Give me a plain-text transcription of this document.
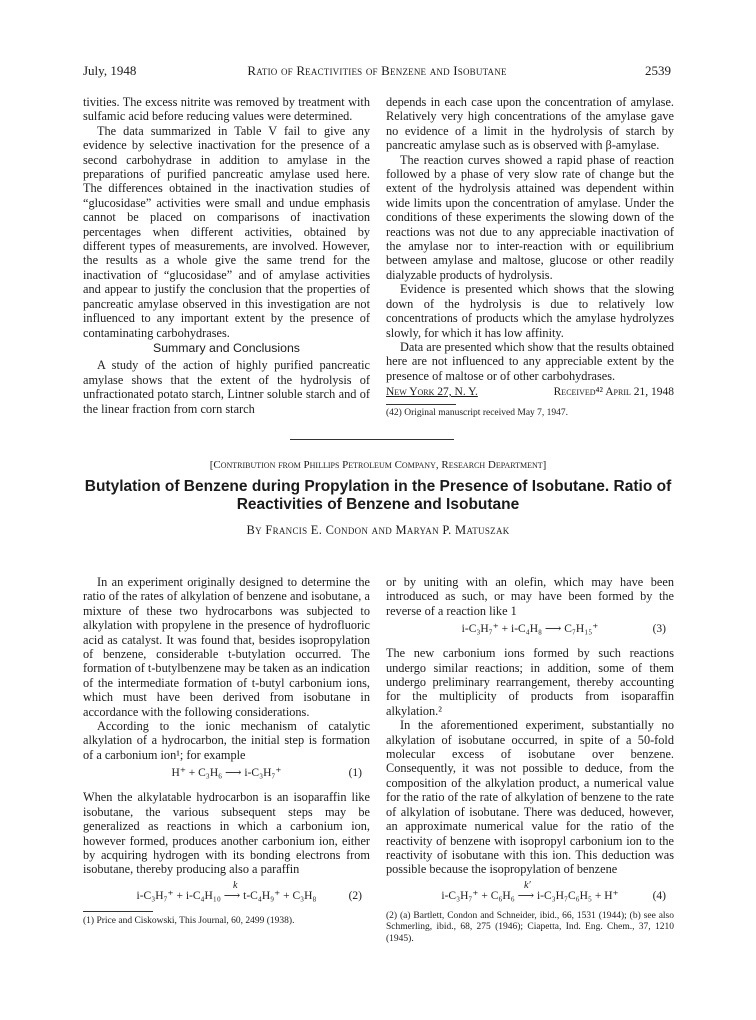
July, 1948	Ratio of Reactivities of Benzene and Isobutane	2539

tivities. The excess nitrite was removed by treatment with sulfamic acid before reducing values were determined.

The data summarized in Table V fail to give any evidence by selective inactivation for the presence of a second carbohydrase in addition to amylase in the preparations of purified pancreatic amylase used here. The differences obtained in the inactivation studies of “glucosidase” activities were small and undue emphasis cannot be placed on comparisons of inactivation percentages when different activities, obtained by different types of measurements, are involved. However, the results as a whole give the same trend for the inactivation of “glucosidase” and of amylase activities and appear to justify the conclusion that the properties of pancreatic amylase observed in this investigation are not influenced to any important extent by the presence of contaminating carbohydrases.

Summary and Conclusions

A study of the action of highly purified pancreatic amylase shows that the extent of the hydrolysis of unfractionated potato starch, Lintner soluble starch and of the linear fraction from corn starch

depends in each case upon the concentration of amylase. Relatively very high concentrations of the amylase gave no evidence of a limit in the hydrolysis of starch by pancreatic amylase such as is observed with β-amylase.

The reaction curves showed a rapid phase of reaction followed by a phase of very slow rate of change but the extent of the hydrolysis attained was dependent within wide limits upon the concentration of amylase. Under the conditions of these experiments the slowing down of the reactions was not due to any appreciable inactivation of the amylase nor to inter-reaction with or equilibrium between amylase and maltose, glucose or other readily dialyzable products of hydrolysis.

Evidence is presented which shows that the slowing down of the hydrolysis is due to relatively low concentrations of products which the amylase hydrolyzes slowly, for which it has low affinity.

Data are presented which show that the results obtained here are not influenced to any appreciable extent by the presence of maltose or of other carbohydrases.

New York 27, N. Y.	Received⁴² April 21, 1948

(42) Original manuscript received May 7, 1947.

[Contribution from Phillips Petroleum Company, Research Department]
Butylation of Benzene during Propylation in the Presence of Isobutane. Ratio of Reactivities of Benzene and Isobutane
By Francis E. Condon and Maryan P. Matuszak

In an experiment originally designed to determine the ratio of the rates of alkylation of benzene and isobutane, a mixture of these two hydrocarbons was subjected to alkylation with propylene in the presence of hydrofluoric acid as catalyst. It was found that, besides isopropylation of benzene, considerable t-butylation occurred. The formation of t-butylbenzene may be taken as an indication of the intermediate formation of t-butyl carbonium ions, which must have been derived from isobutane in accordance with the following considerations.

According to the ionic mechanism of catalytic alkylation of a hydrocarbon, the initial step is formation of a carbonium ion¹; for example

H⁺ + C₃H₆ ⟶ i-C₃H₇⁺	(1)

When the alkylatable hydrocarbon is an isoparaffin like isobutane, the various subsequent steps may be generalized as reactions in which a carbonium ion, however formed, produces another carbonium ion, either by acquiring hydrogen with its bonding electrons from isobutane, thereby producing also a paraffin

k
i-C₃H₇⁺ + i-C₄H₁₀ ⟶ t-C₄H₉⁺ + C₃H₈	(2)

(1) Price and Ciskowski, This Journal, 60, 2499 (1938).

or by uniting with an olefin, which may have been introduced as such, or may have been formed by the reverse of a reaction like 1

i-C₃H₇⁺ + i-C₄H₈ ⟶ C₇H₁₅⁺	(3)

The new carbonium ions formed by such reactions undergo similar reactions; in addition, some of them undergo preliminary rearrangement, thereby accounting for the multiplicity of products from isoparaffin alkylation.²

In the aforementioned experiment, substantially no alkylation of isobutane occurred, in spite of a 50-fold molecular excess of isobutane over benzene. Consequently, it was not possible to deduce, from the composition of the alkylation product, a numerical value for the ratio of the rate of alkylation of benzene to the rate of alkylation of isobutane. There was deduced, however, an approximate numerical value for the ratio of the reactivity of benzene with isopropyl carbonium ion to the reactivity of isobutane with this ion. This deduction was possible because the isopropylation of benzene

k′
i-C₃H₇⁺ + C₆H₆ ⟶ i-C₃H₇C₆H₅ + H⁺	(4)

(2) (a) Bartlett, Condon and Schneider, ibid., 66, 1531 (1944); (b) see also Schmerling, ibid., 68, 275 (1946); Ciapetta, Ind. Eng. Chem., 37, 1210 (1945).
